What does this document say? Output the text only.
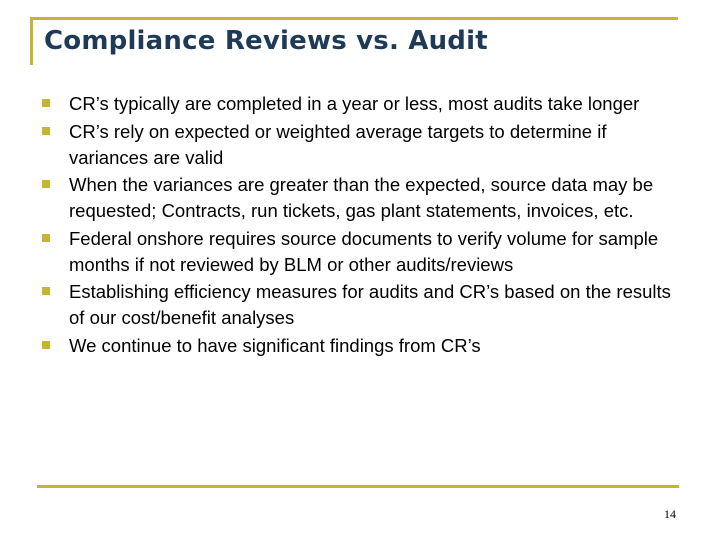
Compliance Reviews vs. Audit
CR’s typically are completed in a year or less, most audits take longer
CR’s rely on expected or weighted average targets to determine if variances are valid
When the variances are greater than the expected, source data may be requested; Contracts, run tickets, gas plant statements, invoices, etc.
Federal onshore requires source documents to verify volume for sample months if not reviewed by BLM or other audits/reviews
Establishing efficiency measures for audits and CR’s based on the results of our cost/benefit analyses
We continue to have significant findings from CR’s
14
